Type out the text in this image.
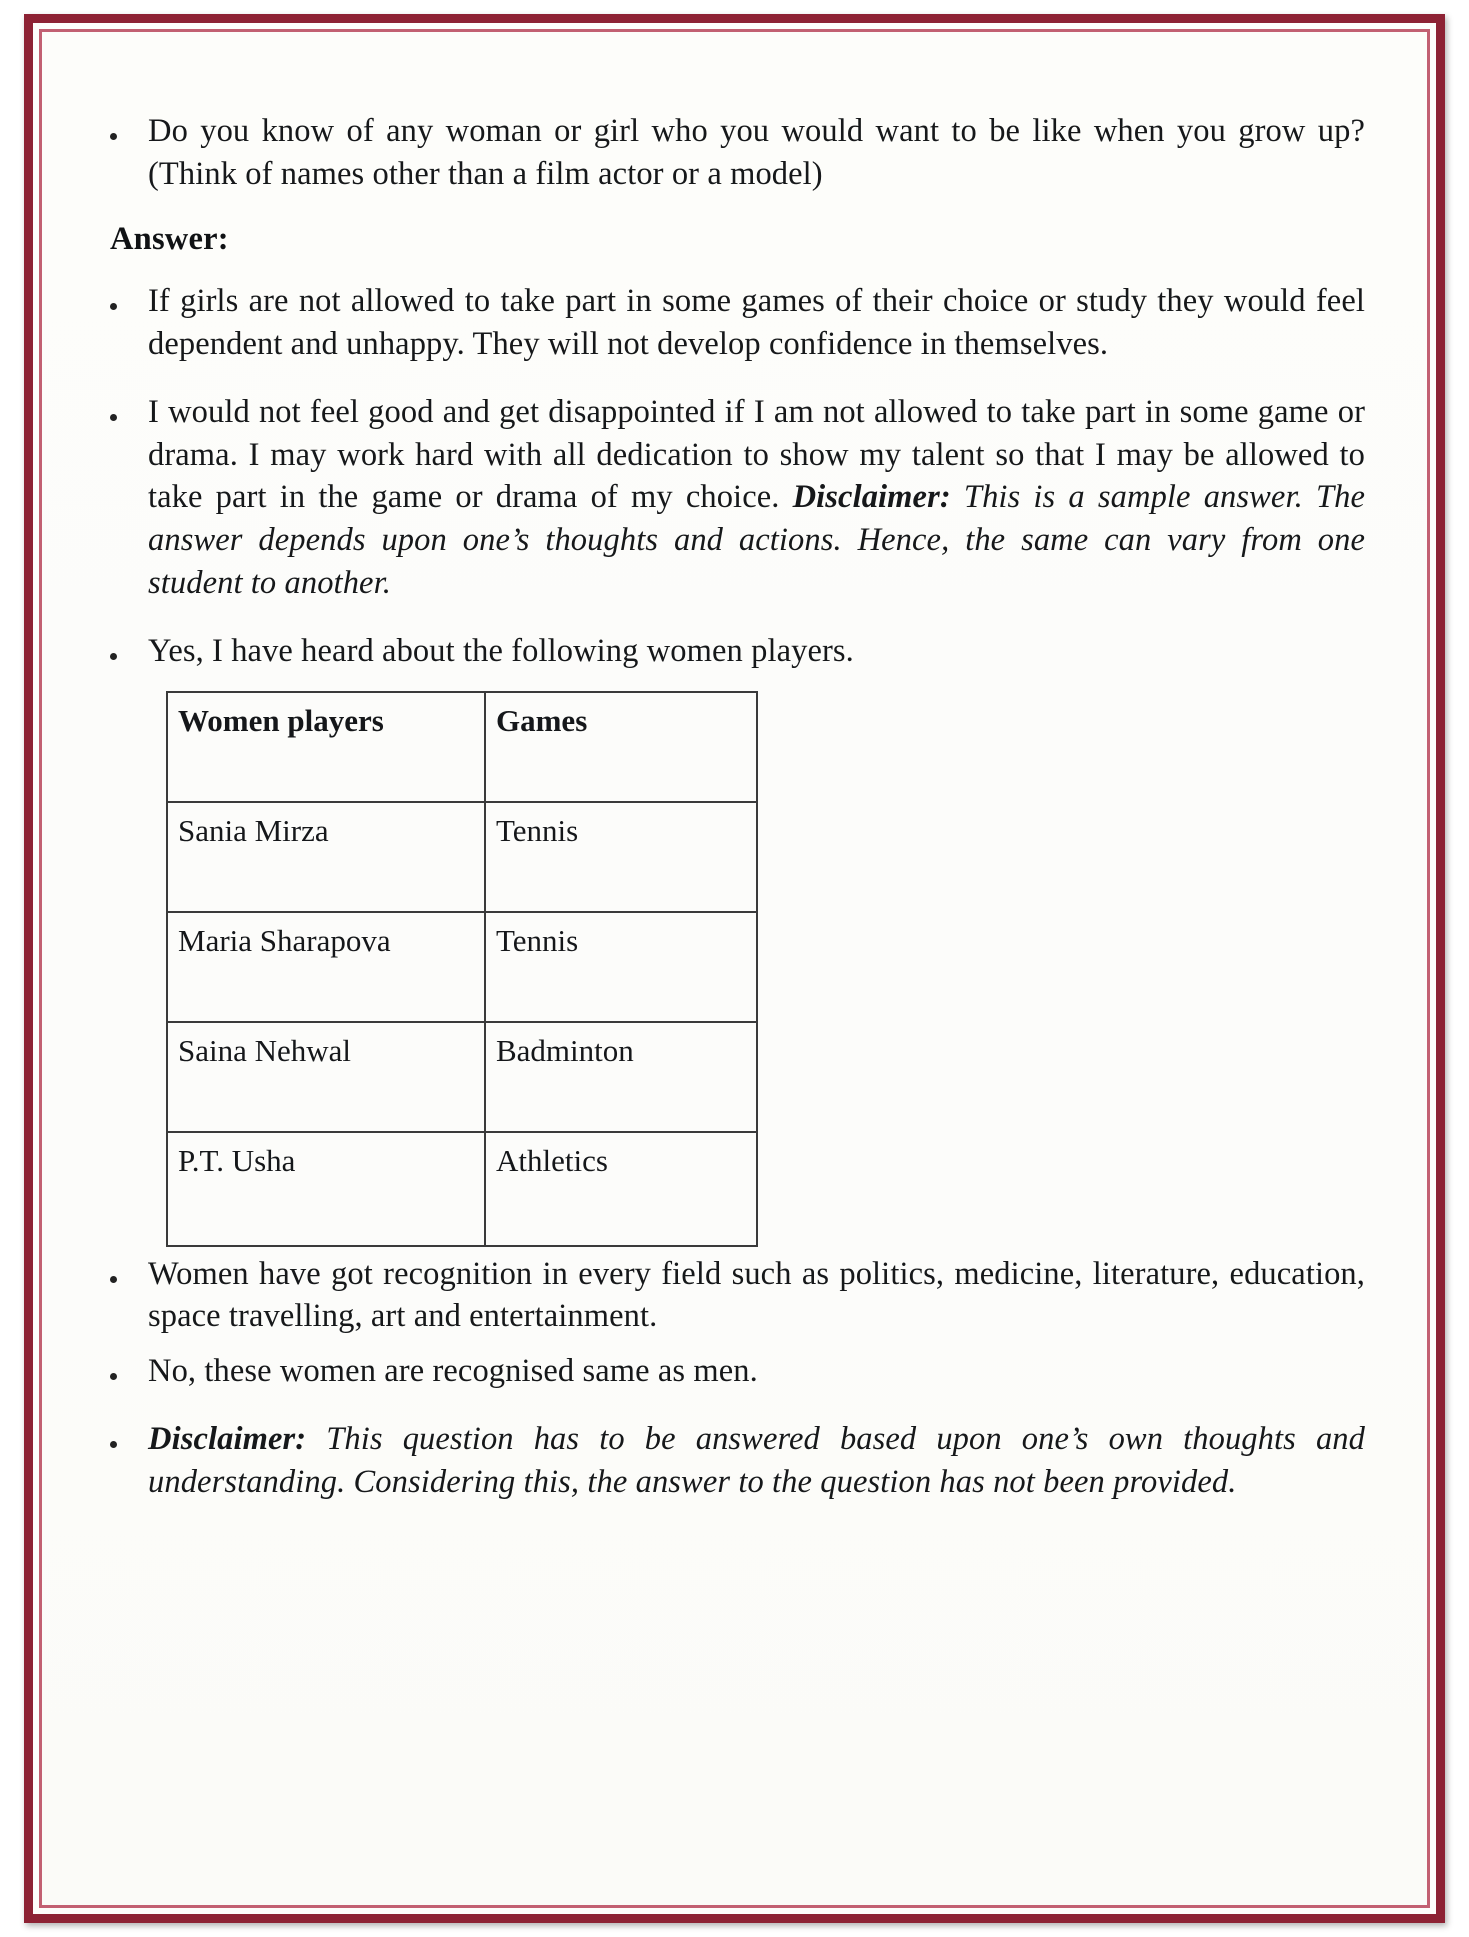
Do you know of any woman or girl who you would want to be like when you grow up? (Think of names other than a film actor or a model)
Answer:
If girls are not allowed to take part in some games of their choice or study they would feel dependent and unhappy. They will not develop confidence in themselves.
I would not feel good and get disappointed if I am not allowed to take part in some game or drama. I may work hard with all dedication to show my talent so that I may be allowed to take part in the game or drama of my choice. Disclaimer: This is a sample answer. The answer depends upon one’s thoughts and actions. Hence, the same can vary from one student to another.
Yes, I have heard about the following women players.
Women players	Games
Sania Mirza	Tennis
Maria Sharapova	Tennis
Saina Nehwal	Badminton
P.T. Usha	Athletics
Women have got recognition in every field such as politics, medicine, literature, education, space travelling, art and entertainment.
No, these women are recognised same as men.
Disclaimer: This question has to be answered based upon one’s own thoughts and understanding. Considering this, the answer to the question has not been provided.
